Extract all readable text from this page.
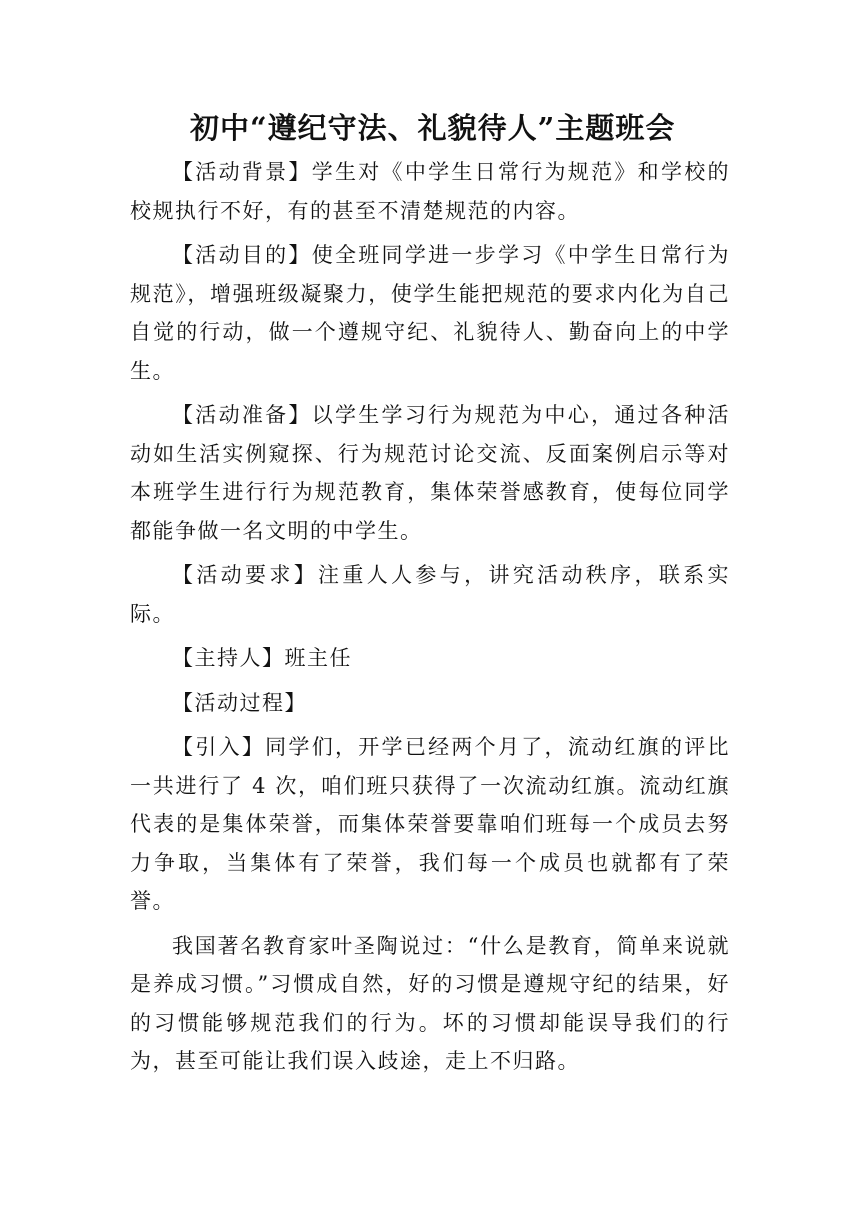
初中“遵纪守法、礼貌待人”主题班会

【活动背景】学生对《中学生日常行为规范》和学校的校规执行不好，有的甚至不清楚规范的内容。

【活动目的】使全班同学进一步学习《中学生日常行为规范》，增强班级凝聚力，使学生能把规范的要求内化为自己自觉的行动，做一个遵规守纪、礼貌待人、勤奋向上的中学生。

【活动准备】以学生学习行为规范为中心，通过各种活动如生活实例窥探、行为规范讨论交流、反面案例启示等对本班学生进行行为规范教育，集体荣誉感教育，使每位同学都能争做一名文明的中学生。

【活动要求】注重人人参与，讲究活动秩序，联系实际。

【主持人】班主任

【活动过程】

【引入】同学们，开学已经两个月了，流动红旗的评比一共进行了 4 次，咱们班只获得了一次流动红旗。流动红旗代表的是集体荣誉，而集体荣誉要靠咱们班每一个成员去努力争取，当集体有了荣誉，我们每一个成员也就都有了荣誉。

我国著名教育家叶圣陶说过：“什么是教育，简单来说就是养成习惯。”习惯成自然，好的习惯是遵规守纪的结果，好的习惯能够规范我们的行为。坏的习惯却能误导我们的行为，甚至可能让我们误入歧途，走上不归路。
